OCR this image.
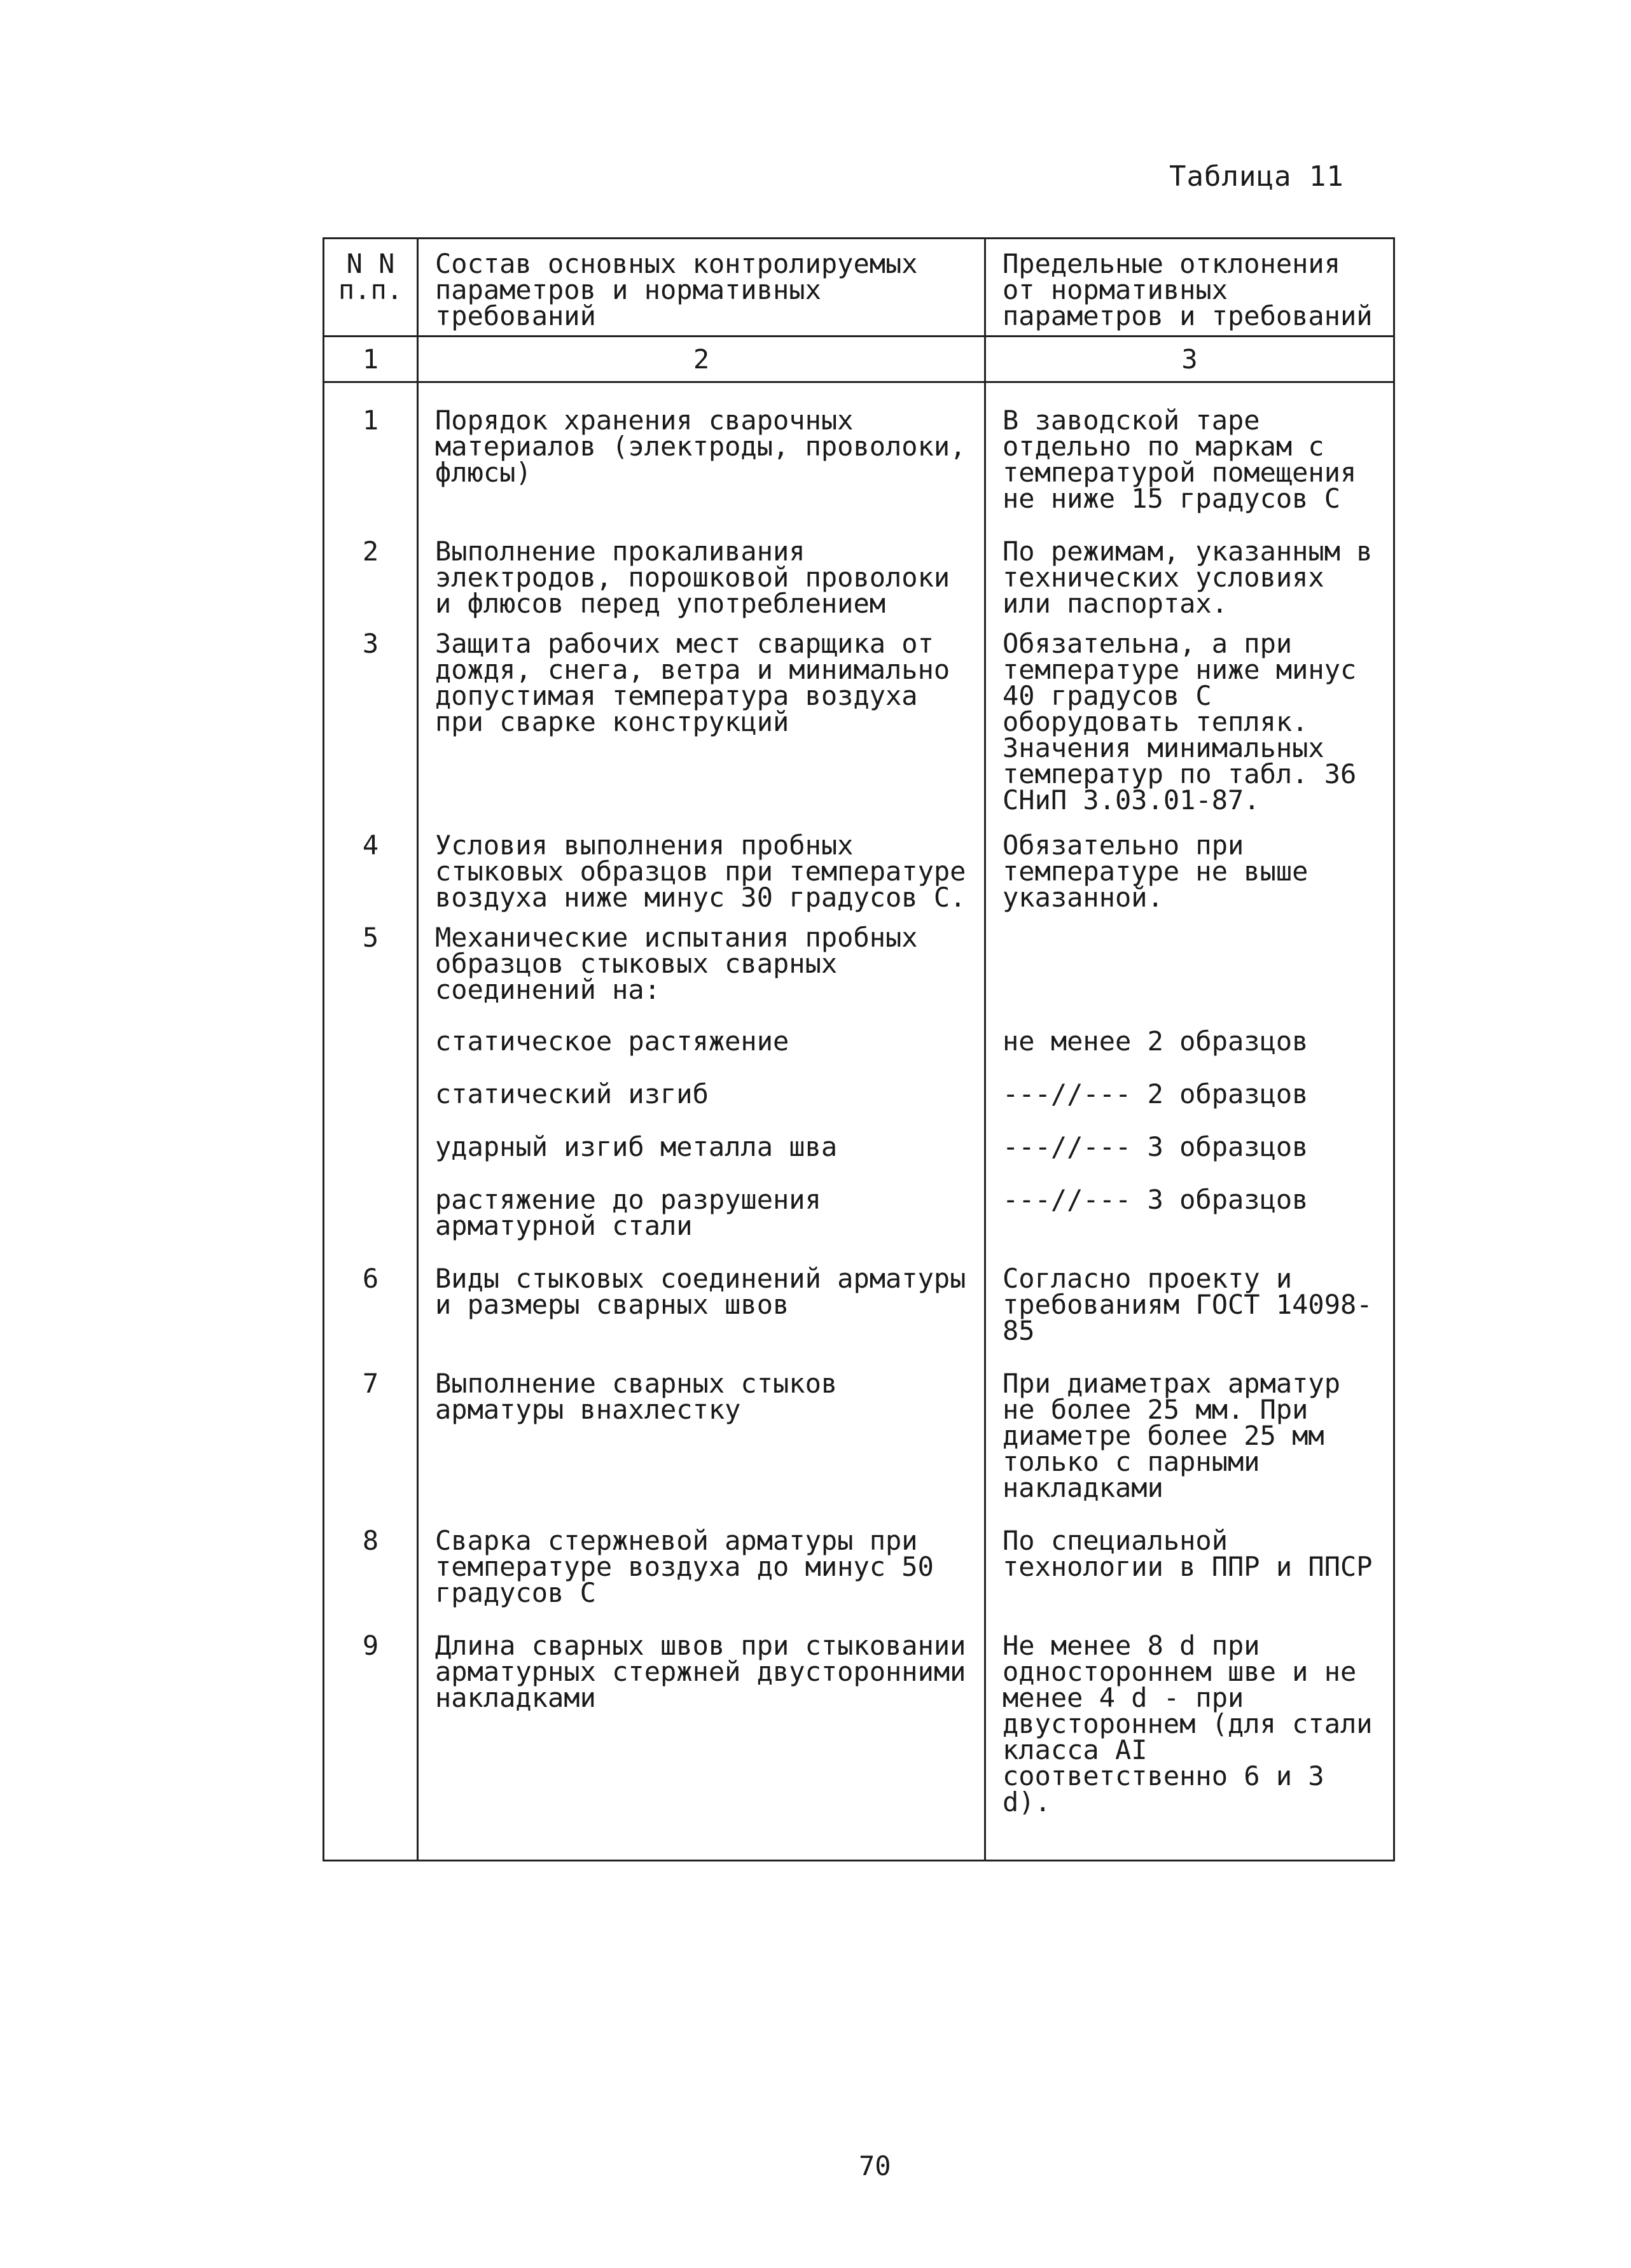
Таблица 11
N N п.п.	Состав основных контролируемых параметров и нормативных требований	Предельные отклонения от нормативных параметров и требований
1	2	3
1	Порядок хранения сварочных материалов (электроды, проволоки, флюсы)	В заводской таре отдельно по маркам с температурой помещения не ниже 15 градусов С
2	Выполнение прокаливания электродов, порошковой проволоки и флюсов перед употреблением	По режимам, указанным в технических условиях или паспортах.
3	Защита рабочих мест сварщика от дождя, снега, ветра и минимально допустимая температура воздуха при сварке конструкций	Обязательна, а при температуре ниже минус 40 градусов С оборудовать тепляк. Значения минимальных температур по табл. 36 СНиП 3.03.01-87.
4	Условия выполнения пробных стыковых образцов при температуре воздуха ниже минус 30 градусов С.	Обязательно при температуре не выше указанной.
5	Механические испытания пробных образцов стыковых сварных соединений на:	
	статическое растяжение	не менее 2 образцов
	статический изгиб	---//--- 2 образцов
	ударный изгиб металла шва	---//--- 3 образцов
	растяжение до разрушения арматурной стали	---//--- 3 образцов
6	Виды стыковых соединений арматуры и размеры сварных швов	Согласно проекту и требованиям ГОСТ 14098-85
7	Выполнение сварных стыков арматуры внахлестку	При диаметрах арматур не более 25 мм. При диаметре более 25 мм только с парными накладками
8	Сварка стержневой арматуры при температуре воздуха до минус 50 градусов С	По специальной технологии в ППР и ППСР
9	Длина сварных швов при стыковании арматурных стержней двусторонними накладками	Не менее 8 d при одностороннем шве и не менее 4 d - при двустороннем (для стали класса AI соответственно 6 и 3 d).
70
